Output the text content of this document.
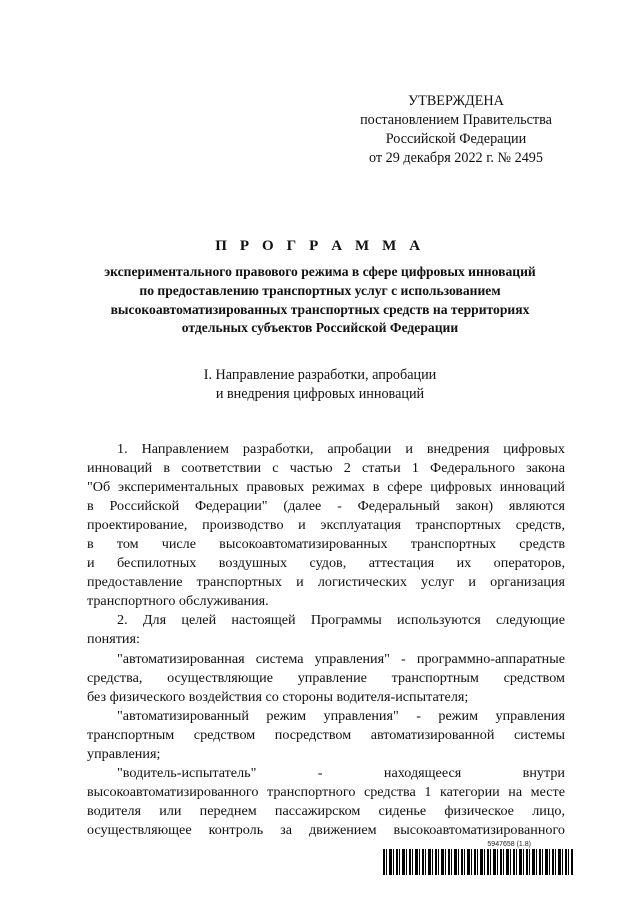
УТВЕРЖДЕНА
постановлением Правительства
Российской Федерации
от 29 декабря 2022 г. № 2495
П Р О Г Р А М М А
экспериментального правового режима в сфере цифровых инноваций
по предоставлению транспортных услуг с использованием
высокоавтоматизированных транспортных средств на территориях
отдельных субъектов Российской Федерации
I. Направление разработки, апробации
и внедрения цифровых инноваций
1. Направлением разработки, апробации и внедрения цифровых
инноваций в соответствии с частью 2 статьи 1 Федерального закона
"Об экспериментальных правовых режимах в сфере цифровых инноваций
в Российской Федерации" (далее - Федеральный закон) являются
проектирование, производство и эксплуатация транспортных средств,
в том числе высокоавтоматизированных транспортных средств
и беспилотных воздушных судов, аттестация их операторов,
предоставление транспортных и логистических услуг и организация
транспортного обслуживания.
2. Для целей настоящей Программы используются следующие
понятия:
"автоматизированная система управления" - программно-аппаратные
средства, осуществляющие управление транспортным средством
без физического воздействия со стороны водителя-испытателя;
"автоматизированный режим управления" - режим управления
транспортным средством посредством автоматизированной системы
управления;
"водитель-испытатель" - находящееся внутри
высокоавтоматизированного транспортного средства 1 категории на месте
водителя или переднем пассажирском сиденье физическое лицо,
осуществляющее контроль за движением высокоавтоматизированного
5947658 (1.8)
